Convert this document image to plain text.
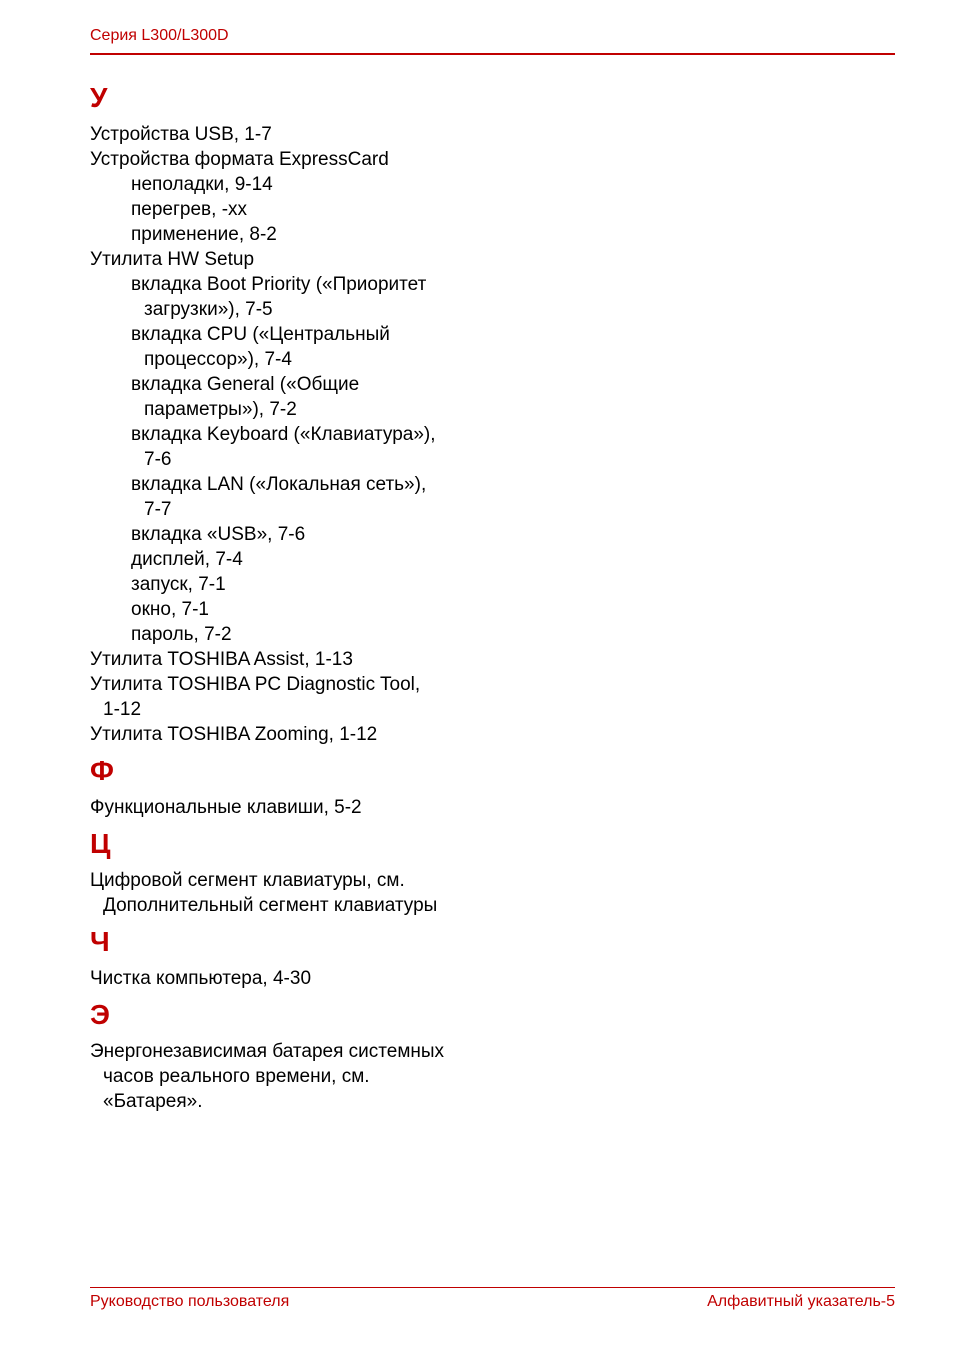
Серия L300/L300D
У
Устройства USB, 1-7
Устройства формата ExpressCard
неполадки, 9-14
перегрев, -xx
применение, 8-2
Утилита HW Setup
вкладка Boot Priority («Приоритет
загрузки»), 7-5
вкладка CPU («Центральный
процессор»), 7-4
вкладка General («Общие
параметры»), 7-2
вкладка Keyboard («Клавиатура»),
7-6
вкладка LAN («Локальная сеть»),
7-7
вкладка «USB», 7-6
дисплей, 7-4
запуск, 7-1
окно, 7-1
пароль, 7-2
Утилита TOSHIBA Assist, 1-13
Утилита TOSHIBA PC Diagnostic Tool,
1-12
Утилита TOSHIBA Zooming, 1-12
Ф
Функциональные клавиши, 5-2
Ц
Цифровой сегмент клавиатуры, см.
Дополнительный сегмент клавиатуры
Ч
Чистка компьютера, 4-30
Э
Энергонезависимая батарея системных
часов реального времени, см.
«Батарея».
Руководство пользователя	Алфавитный указатель-5
